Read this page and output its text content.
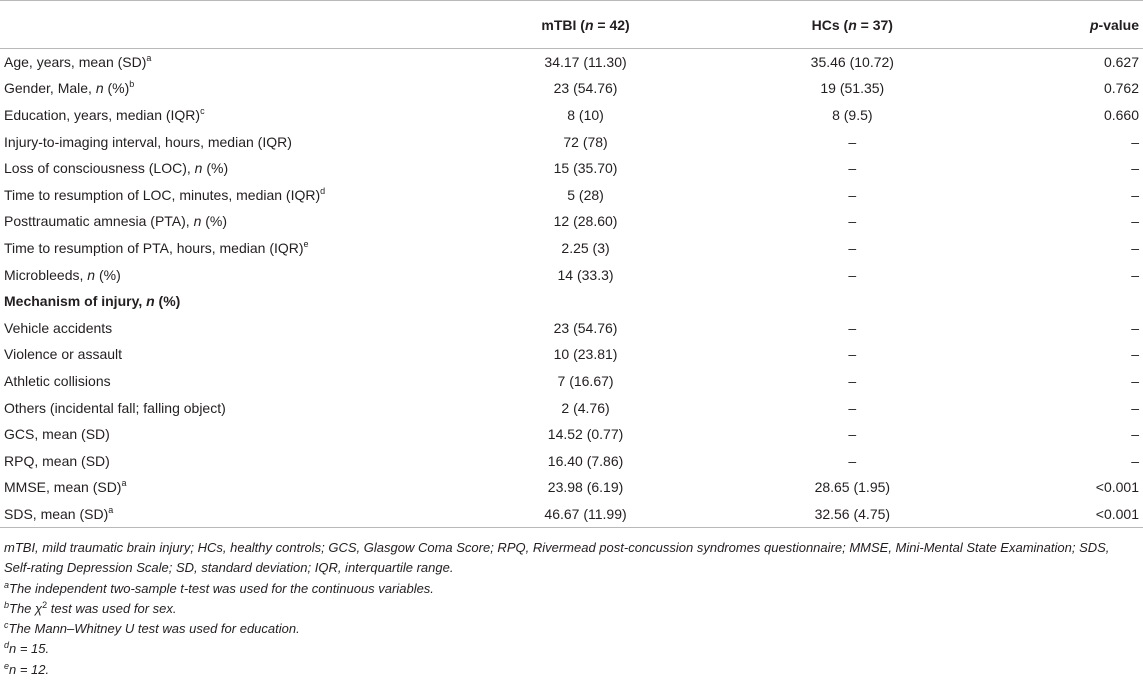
	mTBI (n = 42)	HCs (n = 37)	p-value
Age, years, mean (SD)$^a$	34.17 (11.30)	35.46 (10.72)	0.627
Gender, Male, n (%)$^b$	23 (54.76)	19 (51.35)	0.762
Education, years, median (IQR)$^c$	8 (10)	8 (9.5)	0.660
Injury-to-imaging interval, hours, median (IQR)	72 (78)	–	–
Loss of consciousness (LOC), n (%)	15 (35.70)	–	–
Time to resumption of LOC, minutes, median (IQR)$^d$	5 (28)	–	–
Posttraumatic amnesia (PTA), n (%)	12 (28.60)	–	–
Time to resumption of PTA, hours, median (IQR)$^e$	2.25 (3)	–	–
Microbleeds, n (%)	14 (33.3)	–	–
Mechanism of injury, n (%)			
Vehicle accidents	23 (54.76)	–	–
Violence or assault	10 (23.81)	–	–
Athletic collisions	7 (16.67)	–	–
Others (incidental fall; falling object)	2 (4.76)	–	–
GCS, mean (SD)	14.52 (0.77)	–	–
RPQ, mean (SD)	16.40 (7.86)	–	–
MMSE, mean (SD)$^a$	23.98 (6.19)	28.65 (1.95)	<0.001
SDS, mean (SD)$^a$	46.67 (11.99)	32.56 (4.75)	<0.001

mTBI, mild traumatic brain injury; HCs, healthy controls; GCS, Glasgow Coma Score; RPQ, Rivermead post-concussion syndromes questionnaire; MMSE, Mini-Mental State Examination; SDS, Self-rating Depression Scale; SD, standard deviation; IQR, interquartile range.

$^a$The independent two-sample t-test was used for the continuous variables.

$^b$The $\chi^2$ test was used for sex.

$^c$The Mann–Whitney U test was used for education.

$^d$n = 15.

$^e$n = 12.
